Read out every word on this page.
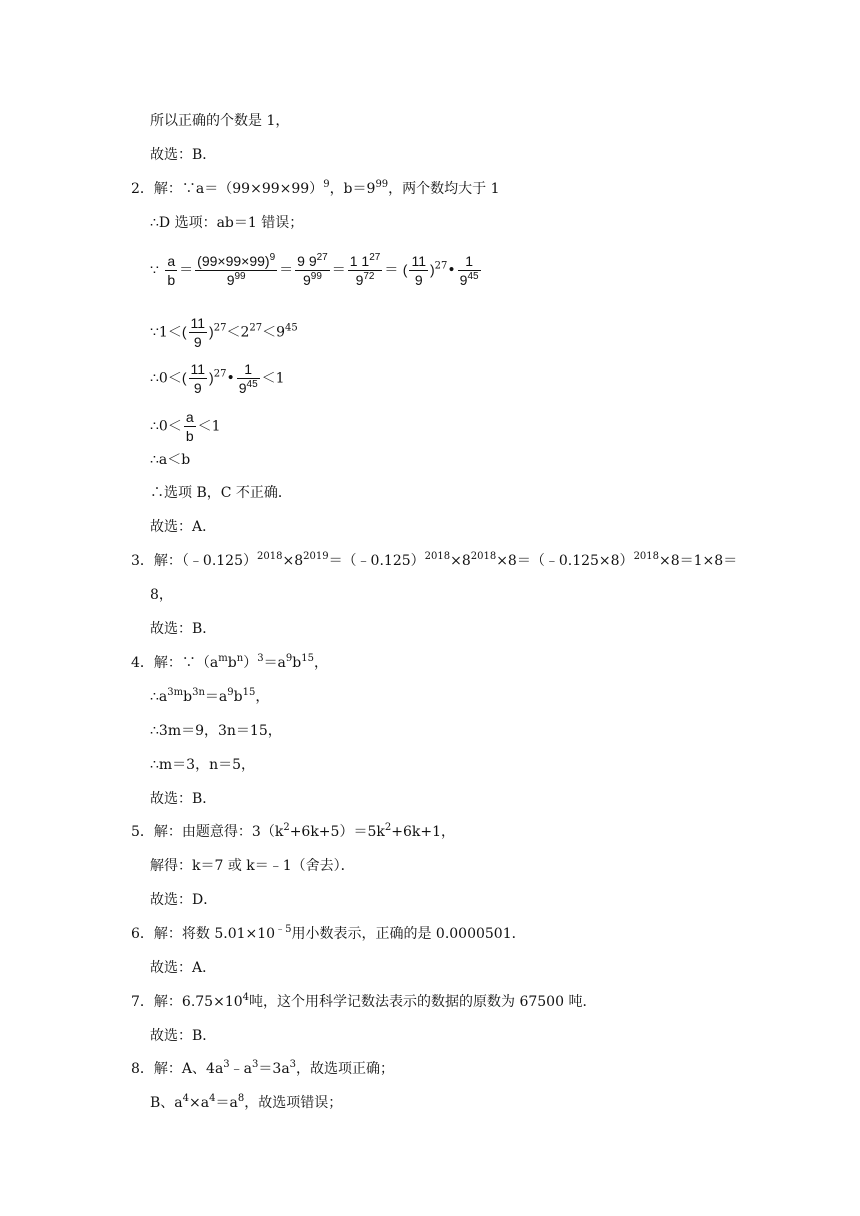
所以正确的个数是 1，
故选：B．
2．解：$\because a=(99\times 99\times 99)^9$，$b=9^{99}$，两个数均大于 1
∴D 选项：ab＝1 错误；
∵ $\frac{a}{b} = \frac{(99\times 99\times 99)^9}{9^{99}} = \frac{9 9^{27}}{9^{99}} = \frac{1 1^{27}}{9^{72}}$ ＝ ( $\frac{11}{9}$ )$^{27}$• $\frac{1}{9^{45}}$
∵1＜( $\frac{11}{9} )^{27}<2^{27}<9^{45}$
∴0＜( $\frac{11}{9}$ )$^{27}$• $\frac{1}{9^{45}} <1$
∴0＜ $\frac{a}{b} <1$
∴a＜b
∴选项 B，C 不正确．
故选：A．
3．解：$(﹣0.125)^{2018}\times 8^{2019}=(﹣0.125)^{2018}\times 8^{2018}\times 8=(﹣0.125\times 8)^{2018}\times 8=1\times 8=$
8，
故选：B．
4．解：$\because(a^mb^n)^3=a^9b^{15}$，
$\therefore a^{3m}b^{3n}=a^9b^{15}$，
∴3m＝9，3n＝15，
∴m＝3，n＝5，
故选：B．
5．解：由题意得：$3(k^2+6k+5)=5k^2+6k+1$，
解得：k＝7 或 k＝﹣1（舍去）．
故选：D．
6．解：将数 $5.01\times 10^{﹣5}$用小数表示，正确的是 0.0000501．
故选：A．
7．解：$6.75\times 10^4$吨，这个用科学记数法表示的数据的原数为 67500 吨．
故选：B．
8．解：A、$4a^3﹣a^3=3a^3$，故选项正确；
B、$a^4\times a^4=a^8$，故选项错误；
